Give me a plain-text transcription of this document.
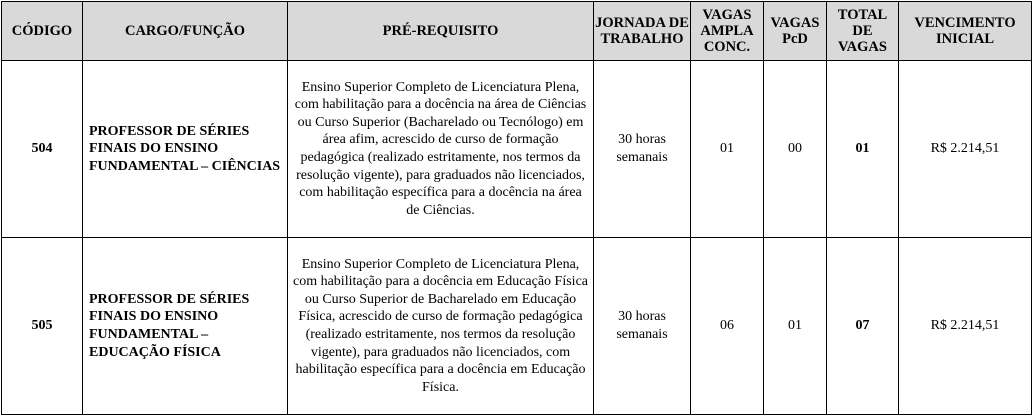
CÓDIGO	CARGO/FUNÇÃO	PRÉ-REQUISITO	JORNADA DE TRABALHO	VAGAS AMPLA CONC.	VAGAS PcD	TOTAL DE VAGAS	VENCIMENTO INICIAL
504	PROFESSOR DE SÉRIES FINAIS DO ENSINO FUNDAMENTAL – CIÊNCIAS	Ensino Superior Completo de Licenciatura Plena, com habilitação para a docência na área de Ciências ou Curso Superior (Bacharelado ou Tecnólogo) em área afim, acrescido de curso de formação pedagógica (realizado estritamente, nos termos da resolução vigente), para graduados não licenciados, com habilitação específica para a docência na área de Ciências.	30 horas semanais	01	00	01	R$ 2.214,51
505	PROFESSOR DE SÉRIES FINAIS DO ENSINO FUNDAMENTAL – EDUCAÇÃO FÍSICA	Ensino Superior Completo de Licenciatura Plena, com habilitação para a docência em Educação Física ou Curso Superior de Bacharelado em Educação Física, acrescido de curso de formação pedagógica (realizado estritamente, nos termos da resolução vigente), para graduados não licenciados, com habilitação específica para a docência em Educação Física.	30 horas semanais	06	01	07	R$ 2.214,51
